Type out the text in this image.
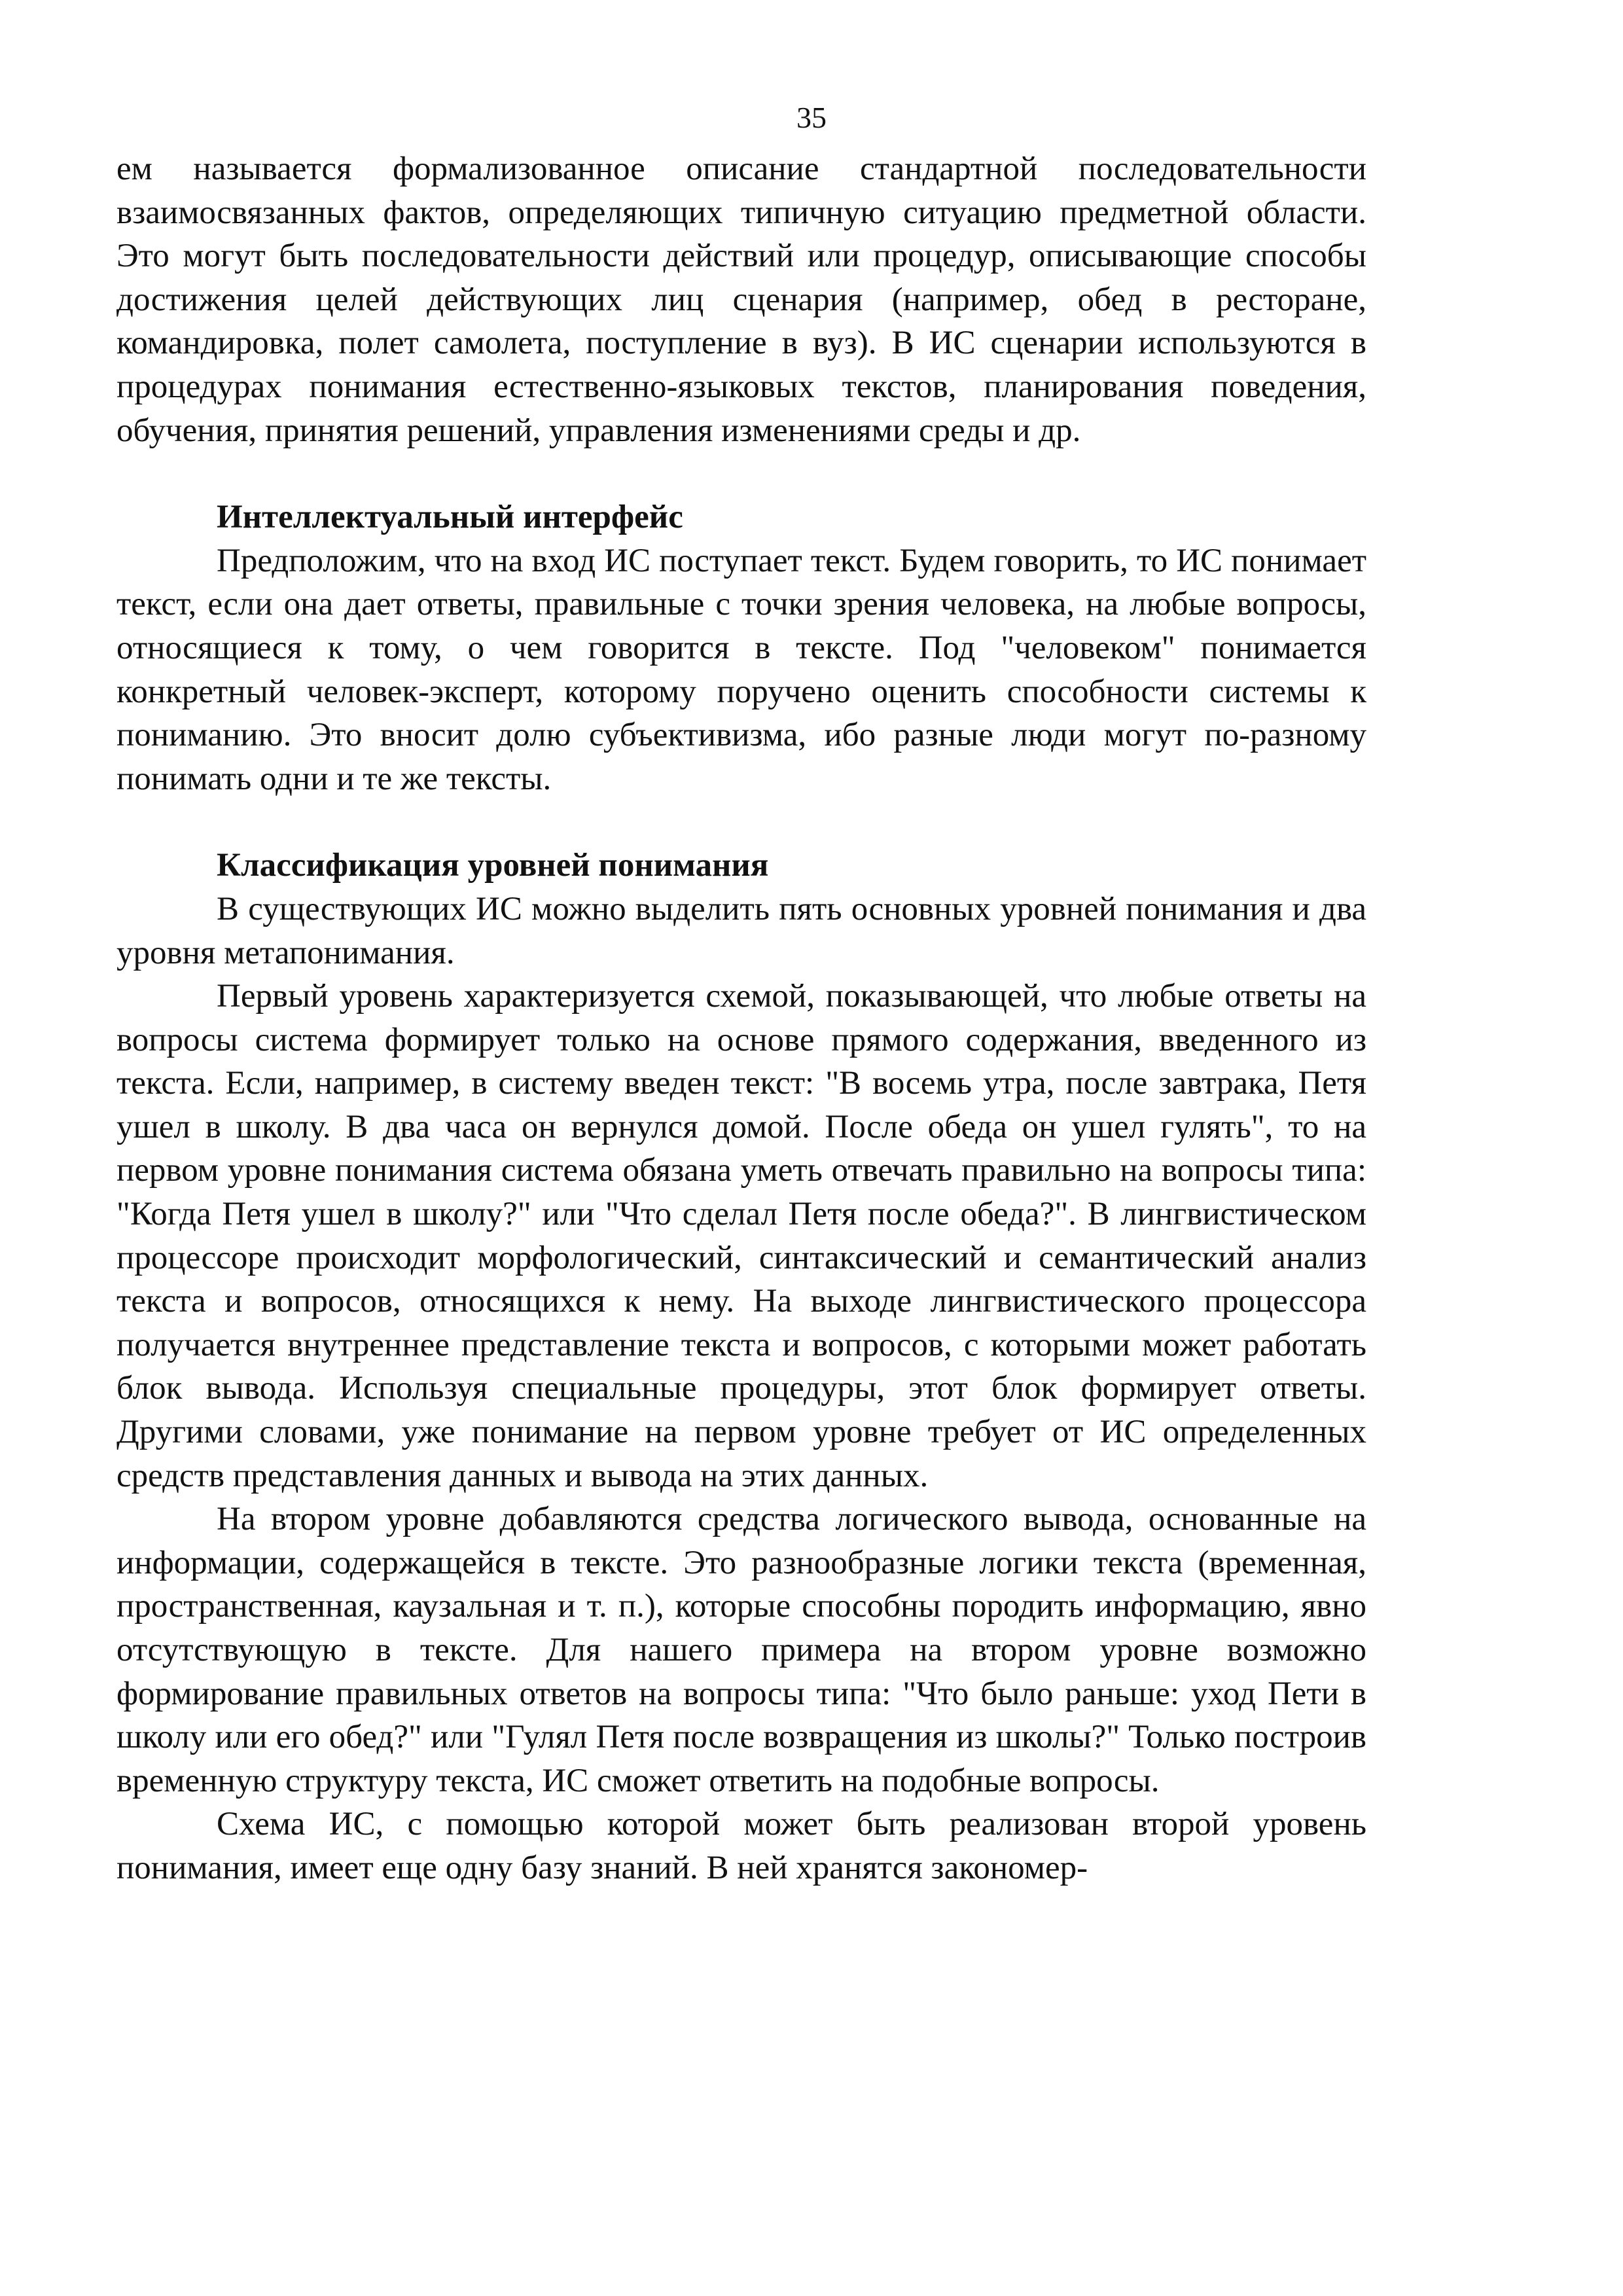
35

ем называется формализованное описание стандартной последовательности взаимосвязанных фактов, определяющих типичную ситуацию предметной области. Это могут быть последовательности действий или процедур, описывающие способы достижения целей действующих лиц сценария (например, обед в ресторане, командировка, полет самолета, поступление в вуз). В ИС сценарии используются в процедурах понимания естественно-языковых текстов, планирования поведения, обучения, принятия решений, управления изменениями среды и др.

Интеллектуальный интерфейс

Предположим, что на вход ИС поступает текст. Будем говорить, то ИС понимает текст, если она дает ответы, правильные с точки зрения человека, на любые вопросы, относящиеся к тому, о чем говорится в тексте. Под "человеком" понимается конкретный человек-эксперт, которому поручено оценить способности системы к пониманию. Это вносит долю субъективизма, ибо разные люди могут по-разному понимать одни и те же тексты.

Классификация уровней понимания

В существующих ИС можно выделить пять основных уровней понимания и два уровня метапонимания.

Первый уровень характеризуется схемой, показывающей, что любые ответы на вопросы система формирует только на основе прямого содержания, введенного из текста. Если, например, в систему введен текст: "В восемь утра, после завтрака, Петя ушел в школу. В два часа он вернулся домой. После обеда он ушел гулять", то на первом уровне понимания система обязана уметь отвечать правильно на вопросы типа: "Когда Петя ушел в школу?" или "Что сделал Петя после обеда?". В лингвистическом процессоре происходит морфологический, синтаксический и семантический анализ текста и вопросов, относящихся к нему. На выходе лингвистического процессора получается внутреннее представление текста и вопросов, с которыми может работать блок вывода. Используя специальные процедуры, этот блок формирует ответы. Другими словами, уже понимание на первом уровне требует от ИС определенных средств представления данных и вывода на этих данных.

На втором уровне добавляются средства логического вывода, основанные на информации, содержащейся в тексте. Это разнообразные логики текста (временная, пространственная, каузальная и т. п.), которые способны породить информацию, явно отсутствующую в тексте. Для нашего примера на втором уровне возможно формирование правильных ответов на вопросы типа: "Что было раньше: уход Пети в школу или его обед?" или "Гулял Петя после возвращения из школы?" Только построив временную структуру текста, ИС сможет ответить на подобные вопросы.

Схема ИС, с помощью которой может быть реализован второй уровень понимания, имеет еще одну базу знаний. В ней хранятся закономер-
